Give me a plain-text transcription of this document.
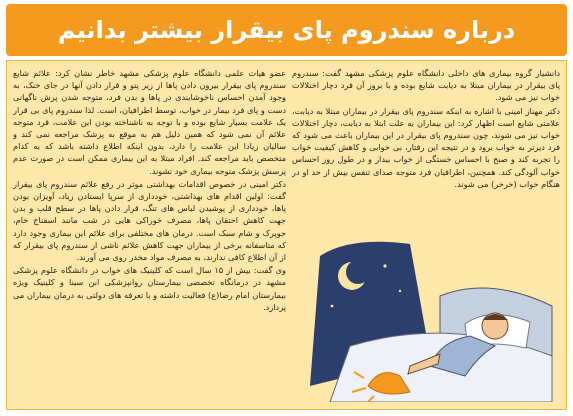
درباره سندروم پای بیقرار بیشتر بدانیم

دانشیار گروه بیماری های داخلی دانشگاه علوم پزشکی مشهد گفت: سندروم پای بیقرار در بیماران مبتلا به دیابت شایع بوده و با بروز آن فرد دچار اختلالات خواب نیز می شود.

دکتر مهناز امینی با اشاره به اینکه سندروم پای بیقرار در بیماران مبتلا به دیابت، علامتی شایع است اظهار کرد: این بیماران به علت ابتلا به دیابت، دچار اختلالات خواب نیز می شوند، چون سندروم پای بیقرار در این بیماران باعث می شود که فرد دیرتر به خواب برود و در نتیجه این رفتار، بی خوابی و کاهش کیفیت خواب را تجربه کند و صبح با احساس خستگی از خواب بیدار و در طول روز احساس خواب آلودگی کند. همچنین، اطرافیان فرد متوجه صدای تنفس بیش از حد او در هنگام خواب (خرخر) می شوند.

عضو هیات علمی دانشگاه علوم پزشکی مشهد خاطر نشان کرد: علائم شایع سندروم پای بیقرار بیرون دادن پاها از زیر پتو و قرار دادن آنها در جای خنک، به وجود آمدن احساس ناخوشایندی در پاها و بدن فرد، متوجه شدن پرش ناگهانی دست و پای فرد بیمار در خواب، توسط اطرافیان، است. لذا سندروم پای بی قرار یک علامت بسیار شایع بوده و با توجه به ناشناخته بودن این علامت، فرد متوجه علائم آن نمی شود که همین دلیل هم به موقع به پزشک مراجعه نمی کند و سالیان زیادا این علامت را دارد، بدون اینکه اطلاع داشته باشد که به کدام متخصص باید مراجعه کند. افراد مبتلا به این بیماری ممکن است در صورت عدم پرسش پزشک متوجه بیماری خود نشوند.

دکتر امینی در خصوص اقدامات بهداشتی موثر در رفع علائم سندروم پای بیقرار گفت: اولین اقدام های بهداشتی، خودداری از سرپا ایستادن زیاد، آویزان بودن پاها، خودداری از پوشیدن لباس های تنگ، قرار دادن پاها در سطح قلب و بدن جهت کاهش احتقان پاها، مصرف خوراکی هایی در شب مانند اسفناج خام، جوپرک و شام سبک است. درمان های مختلفی برای علائم این بیماری وجود دارد که متاسفانه برخی از بیماران جهت کاهش علائم ناشی از سندروم پای بیقرار که از آن اطلاع کافی ندارند، به مصرف مواد مخدر روی می آورند.

وی گفت: بیش از ۱۵ سال است که کلینیک های خواب در دانشگاه علوم پزشکی مشهد در درمانگاه تخصصی بیمارستان روانپزشکی ابن سینا و کلینیک ویژه بیمارستان امام رضا(ع) فعالیت داشته و با تعرفه های دولتی به درمان بیماران می پردازد.
